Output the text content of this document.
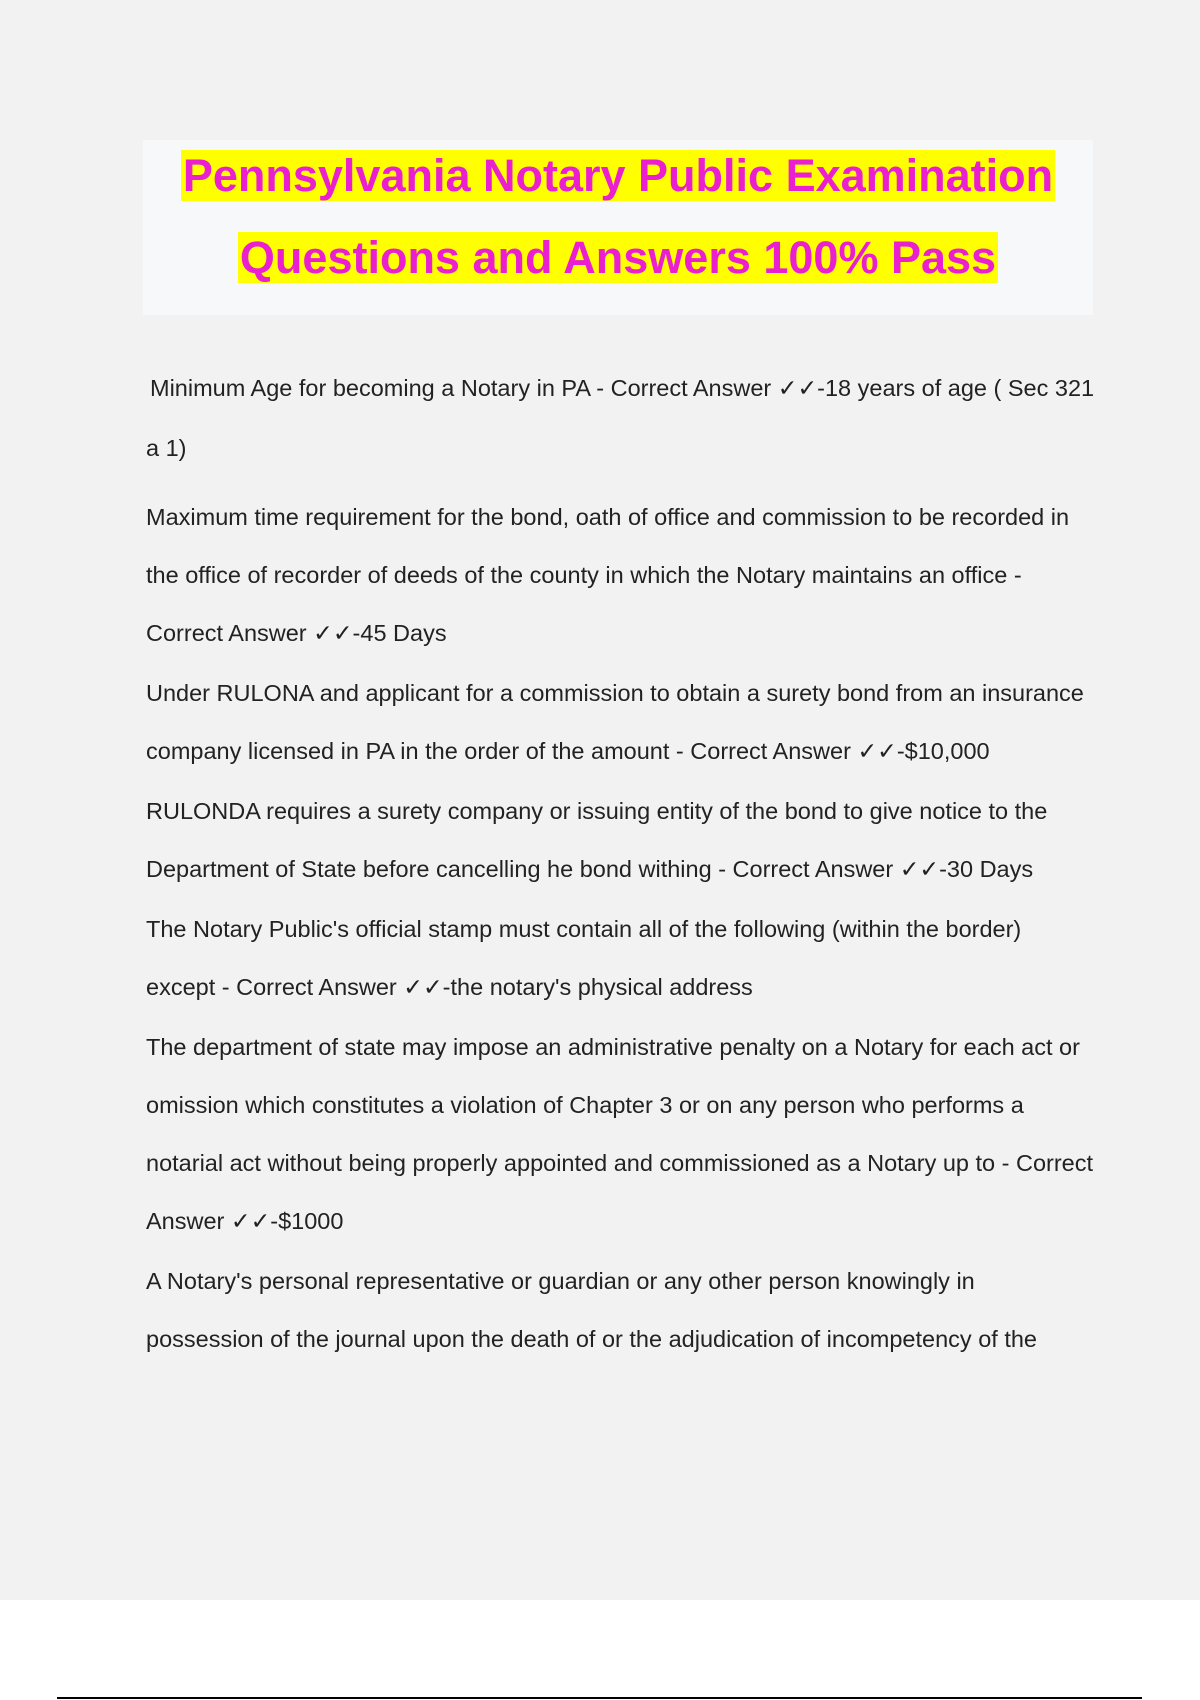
Pennsylvania Notary Public Examination
Questions and Answers 100% Pass

Minimum Age for becoming a Notary in PA - Correct Answer ✓✓-18 years of age ( Sec 321 a 1)

Maximum time requirement for the bond, oath of office and commission to be recorded in the office of recorder of deeds of the county in which the Notary maintains an office - Correct Answer ✓✓-45 Days

Under RULONA and applicant for a commission to obtain a surety bond from an insurance company licensed in PA in the order of the amount - Correct Answer ✓✓-$10,000

RULONDA requires a surety company or issuing entity of the bond to give notice to the Department of State before cancelling he bond withing - Correct Answer ✓✓-30 Days

The Notary Public's official stamp must contain all of the following (within the border) except - Correct Answer ✓✓-the notary's physical address

The department of state may impose an administrative penalty on a Notary for each act or omission which constitutes a violation of Chapter 3 or on any person who performs a notarial act without being properly appointed and commissioned as a Notary up to - Correct Answer ✓✓-$1000

A Notary's personal representative or guardian or any other person knowingly in possession of the journal upon the death of or the adjudication of incompetency of the
